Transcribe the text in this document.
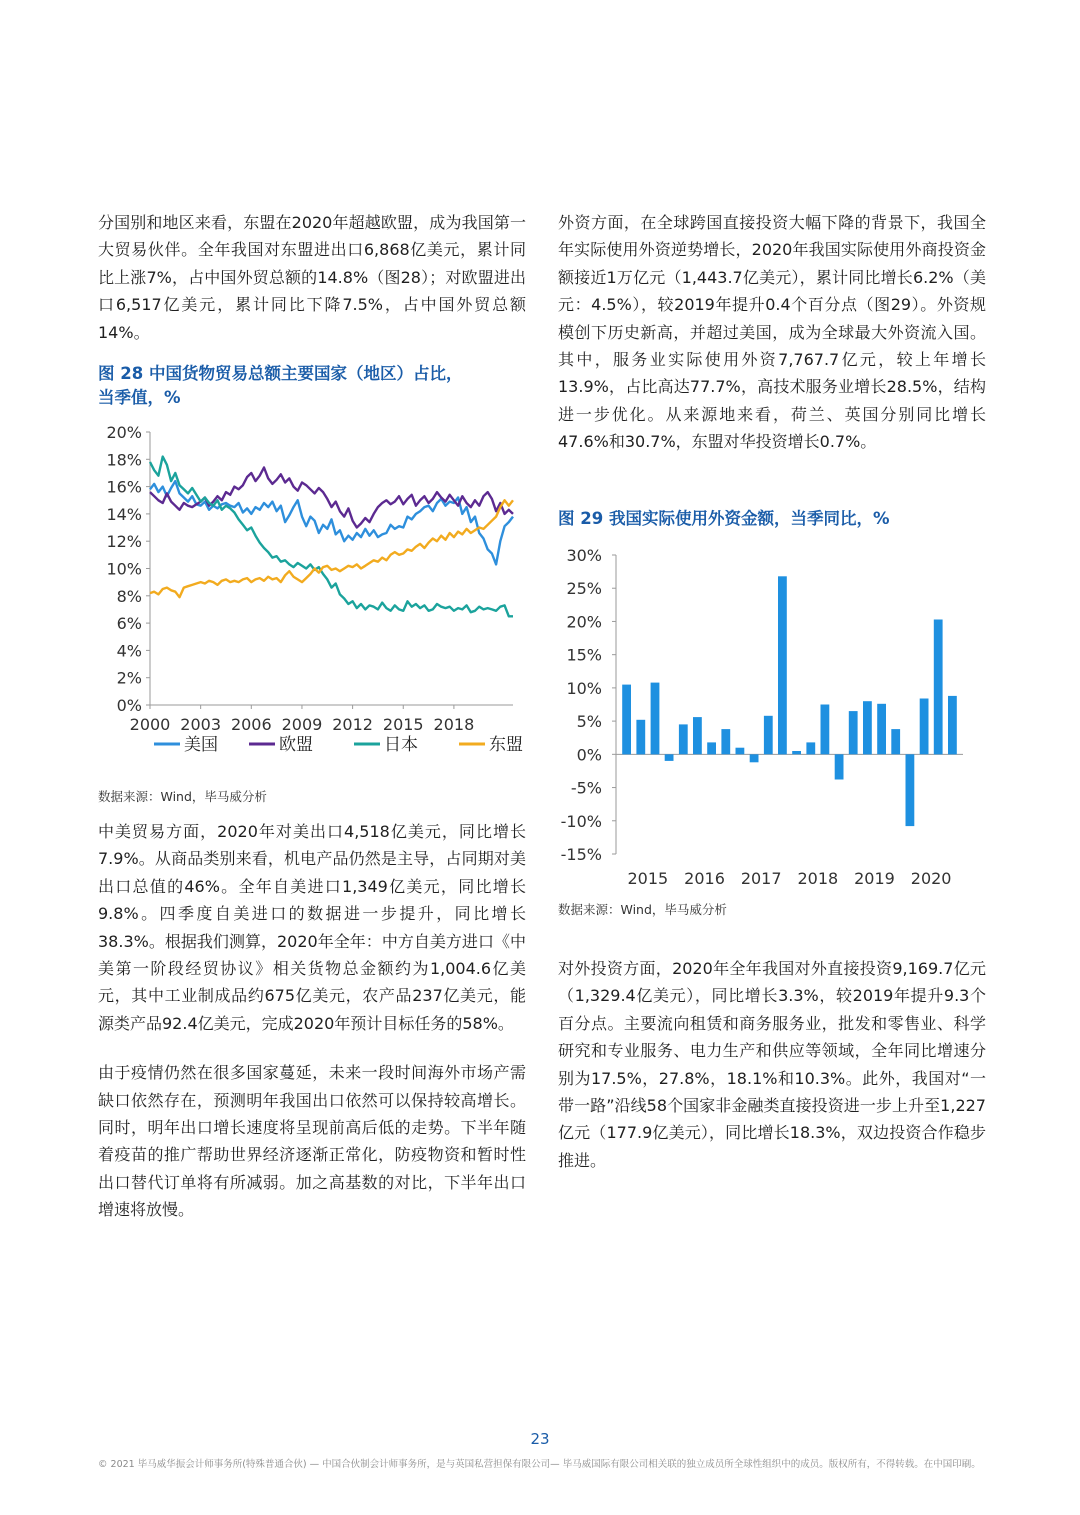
分国别和地区来看，东盟在2020年超越欧盟，成为我国第一大贸易伙伴。全年我国对东盟进出口6,868亿美元，累计同比上涨7%，占中国外贸总额的14.8%（图28）；对欧盟进出口6,517亿美元，累计同比下降7.5%，占中国外贸总额14%。

图 28 中国货物贸易总额主要国家（地区）占比，
当季值，%
0%
2%
4%
6%
8%
10%
12%
14%
16%
18%
20%
2000 2003 2006 2009 2012 2015 2018
美国	欧盟	日本	东盟
数据来源：Wind，毕马威分析

中美贸易方面，2020年对美出口4,518亿美元，同比增长7.9%。从商品类别来看，机电产品仍然是主导，占同期对美出口总值的46%。全年自美进口1,349亿美元，同比增长9.8%。四季度自美进口的数据进一步提升，同比增长38.3%。根据我们测算，2020年全年：中方自美方进口《中美第一阶段经贸协议》相关货物总金额约为1,004.6亿美元，其中工业制成品约675亿美元，农产品237亿美元，能源类产品92.4亿美元，完成2020年预计目标任务的58%。

由于疫情仍然在很多国家蔓延，未来一段时间海外市场产需缺口依然存在，预测明年我国出口依然可以保持较高增长。同时，明年出口增长速度将呈现前高后低的走势。下半年随着疫苗的推广帮助世界经济逐渐正常化，防疫物资和暂时性出口替代订单将有所减弱。加之高基数的对比，下半年出口增速将放慢。

外资方面，在全球跨国直接投资大幅下降的背景下，我国全年实际使用外资逆势增长，2020年我国实际使用外商投资金额接近1万亿元（1,443.7亿美元），累计同比增长6.2%（美元：4.5%），较2019年提升0.4个百分点（图29）。外资规模创下历史新高，并超过美国，成为全球最大外资流入国。其中，服务业实际使用外资7,767.7亿元，较上年增长13.9%，占比高达77.7%，高技术服务业增长28.5%，结构进一步优化。从来源地来看，荷兰、英国分别同比增长47.6%和30.7%，东盟对华投资增长0.7%。

图 29 我国实际使用外资金额，当季同比，%
-15%
-10%
-5%
0%
5%
10%
15%
20%
25%
30%
2015 2016 2017 2018 2019 2020
数据来源：Wind，毕马威分析

对外投资方面，2020年全年我国对外直接投资9,169.7亿元（1,329.4亿美元），同比增长3.3%，较2019年提升9.3个百分点。主要流向租赁和商务服务业，批发和零售业、科学研究和专业服务、电力生产和供应等领域，全年同比增速分别为17.5%，27.8%，18.1%和10.3%。此外，我国对“一带一路”沿线58个国家非金融类直接投资进一步上升至1,227亿元（177.9亿美元），同比增长18.3%，双边投资合作稳步推进。

23
© 2021 毕马威华振会计师事务所(特殊普通合伙) — 中国合伙制会计师事务所，是与英国私营担保有限公司— 毕马威国际有限公司相关联的独立成员所全球性组织中的成员。版权所有，不得转载。在中国印刷。
